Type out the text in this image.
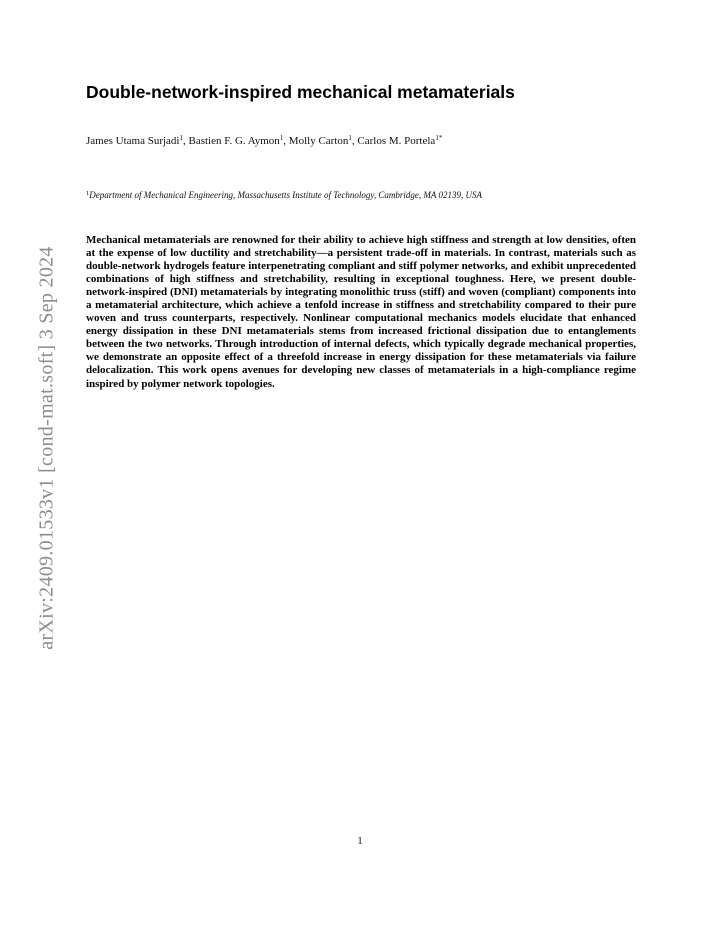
arXiv:2409.01533v1 [cond-mat.soft] 3 Sep 2024
Double-network-inspired mechanical metamaterials
James Utama Surjadi$^1$, Bastien F. G. Aymon$^1$, Molly Carton$^1$, Carlos M. Portela$^{1*}$
$^1$Department of Mechanical Engineering, Massachusetts Institute of Technology, Cambridge, MA 02139, USA

Mechanical metamaterials are renowned for their ability to achieve high stiffness and strength at low densities, often at the expense of low ductility and stretchability—a persistent trade-off in materials. In contrast, materials such as double-network hydrogels feature interpenetrating compliant and stiff polymer networks, and exhibit unprecedented combinations of high stiffness and stretchability, resulting in exceptional toughness. Here, we present double-network-inspired (DNI) metamaterials by integrating monolithic truss (stiff) and woven (compliant) components into a metamaterial architecture, which achieve a tenfold increase in stiffness and stretchability compared to their pure woven and truss counterparts, respectively. Nonlinear computational mechanics models elucidate that enhanced energy dissipation in these DNI metamaterials stems from increased frictional dissipation due to entanglements between the two networks. Through introduction of internal defects, which typically degrade mechanical properties, we demonstrate an opposite effect of a threefold increase in energy dissipation for these metamaterials via failure delocalization. This work opens avenues for developing new classes of metamaterials in a high-compliance regime inspired by polymer network topologies.

1
